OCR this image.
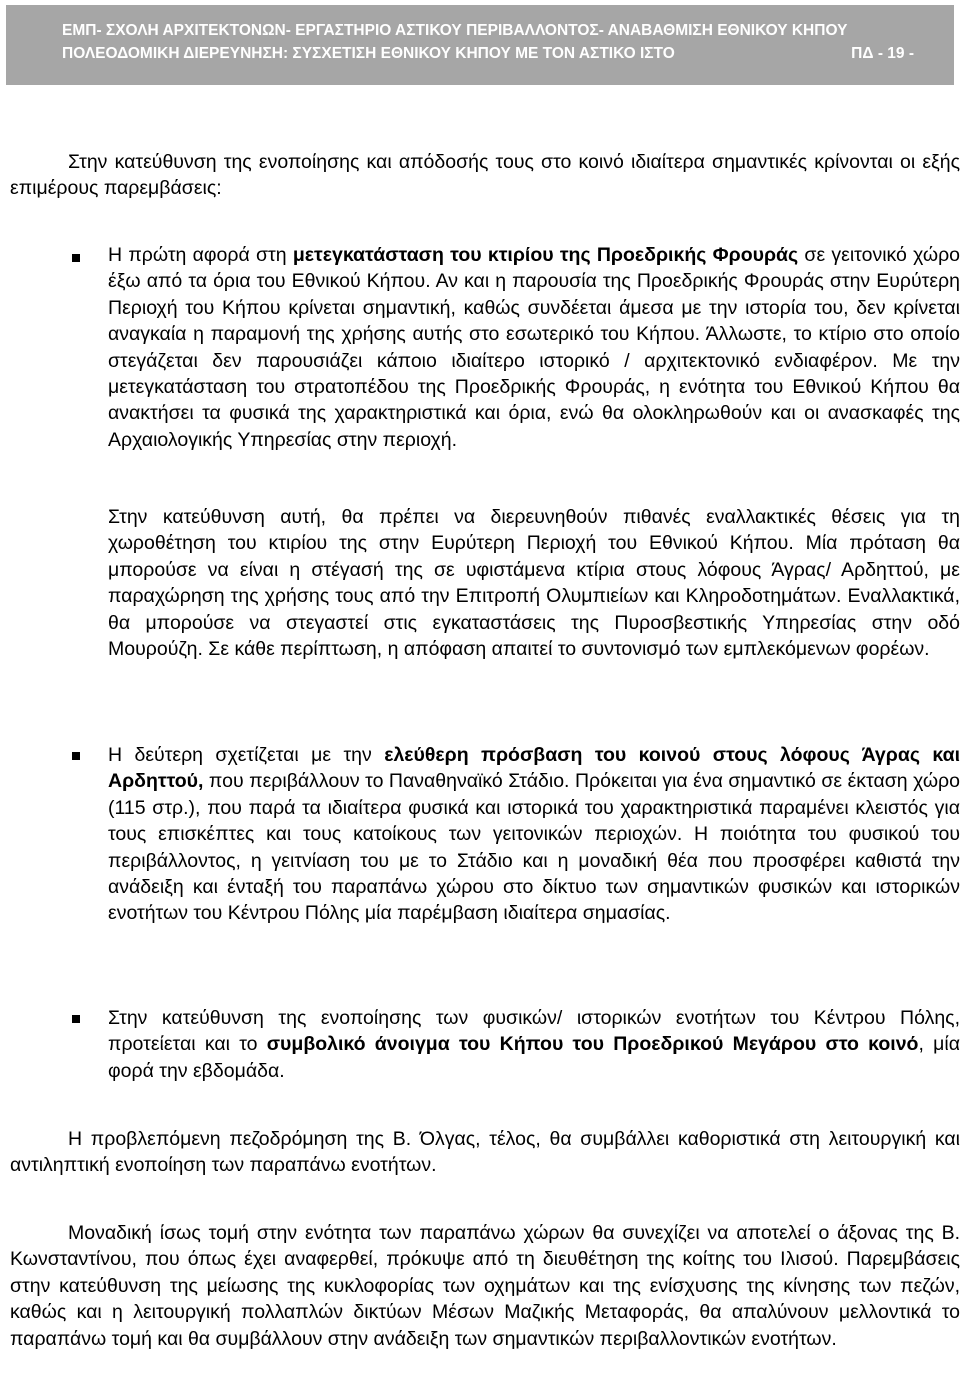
ΕΜΠ- ΣΧΟΛΗ ΑΡΧΙΤΕΚΤΟΝΩΝ- ΕΡΓΑΣΤΗΡΙΟ ΑΣΤΙΚΟΥ ΠΕΡΙΒΑΛΛΟΝΤΟΣ- ΑΝΑΒΑΘΜΙΣΗ ΕΘΝΙΚΟΥ ΚΗΠΟΥ
ΠΟΛΕΟΔΟΜΙΚΗ ΔΙΕΡΕΥΝΗΣΗ: ΣΥΣΧΕΤΙΣΗ ΕΘΝΙΚΟΥ ΚΗΠΟΥ ΜΕ ΤΟΝ ΑΣΤΙΚΟ ΙΣΤΟ	ΠΔ - 19 -

Στην κατεύθυνση της ενοποίησης και απόδοσής τους στο κοινό ιδιαίτερα σημαντικές κρίνονται οι εξής επιμέρους παρεμβάσεις:

Η πρώτη αφορά στη μετεγκατάσταση του κτιρίου της Προεδρικής Φρουράς σε γειτονικό χώρο έξω από τα όρια του Εθνικού Κήπου. Αν και η παρουσία της Προεδρικής Φρουράς στην Ευρύτερη Περιοχή του Κήπου κρίνεται σημαντική, καθώς συνδέεται άμεσα με την ιστορία του, δεν κρίνεται αναγκαία η παραμονή της χρήσης αυτής στο εσωτερικό του Κήπου. Άλλωστε, το κτίριο στο οποίο στεγάζεται δεν παρουσιάζει κάποιο ιδιαίτερο ιστορικό / αρχιτεκτονικό ενδιαφέρον. Με την μετεγκατάσταση του στρατοπέδου της Προεδρικής Φρουράς, η ενότητα του Εθνικού Κήπου θα ανακτήσει τα φυσικά της χαρακτηριστικά και όρια, ενώ θα ολοκληρωθούν και οι ανασκαφές της Αρχαιολογικής Υπηρεσίας στην περιοχή.

Στην κατεύθυνση αυτή, θα πρέπει να διερευνηθούν πιθανές εναλλακτικές θέσεις για τη χωροθέτηση του κτιρίου της στην Ευρύτερη Περιοχή του Εθνικού Κήπου. Μία πρόταση θα μπορούσε να είναι η στέγασή της σε υφιστάμενα κτίρια στους λόφους Άγρας/ Αρδηττού, με παραχώρηση της χρήσης τους από την Επιτροπή Ολυμπιείων και Κληροδοτημάτων. Εναλλακτικά, θα μπορούσε να στεγαστεί στις εγκαταστάσεις της Πυροσβεστικής Υπηρεσίας στην οδό Μουρούζη. Σε κάθε περίπτωση, η απόφαση απαιτεί το συντονισμό των εμπλεκόμενων φορέων.

Η δεύτερη σχετίζεται με την ελεύθερη πρόσβαση του κοινού στους λόφους Άγρας και Αρδηττού, που περιβάλλουν το Παναθηναϊκό Στάδιο. Πρόκειται για ένα σημαντικό σε έκταση χώρο (115 στρ.), που παρά τα ιδιαίτερα φυσικά και ιστορικά του χαρακτηριστικά παραμένει κλειστός για τους επισκέπτες και τους κατοίκους των γειτονικών περιοχών. Η ποιότητα του φυσικού του περιβάλλοντος, η γειτνίαση του με το Στάδιο και η μοναδική θέα που προσφέρει καθιστά την ανάδειξη και ένταξή του παραπάνω χώρου στο δίκτυο των σημαντικών φυσικών και ιστορικών ενοτήτων του Κέντρου Πόλης μία παρέμβαση ιδιαίτερα σημασίας.

Στην κατεύθυνση της ενοποίησης των φυσικών/ ιστορικών ενοτήτων του Κέντρου Πόλης, προτείεται και το συμβολικό άνοιγμα του Κήπου του Προεδρικού Μεγάρου στο κοινό, μία φορά την εβδομάδα.

Η προβλεπόμενη πεζοδρόμηση της Β. Όλγας, τέλος, θα συμβάλλει καθοριστικά στη λειτουργική και αντιληπτική ενοποίηση των παραπάνω ενοτήτων.

Μοναδική ίσως τομή στην ενότητα των παραπάνω χώρων θα συνεχίζει να αποτελεί ο άξονας της Β. Κωνσταντίνου, που όπως έχει αναφερθεί, πρόκυψε από τη διευθέτηση της κοίτης του Ιλισού. Παρεμβάσεις στην κατεύθυνση της μείωσης της κυκλοφορίας των οχημάτων και της ενίσχυσης της κίνησης των πεζών, καθώς και η λειτουργική πολλαπλών δικτύων Μέσων Μαζικής Μεταφοράς, θα απαλύνουν μελλοντικά το παραπάνω τομή και θα συμβάλλουν στην ανάδειξη των σημαντικών περιβαλλοντικών ενοτήτων.
